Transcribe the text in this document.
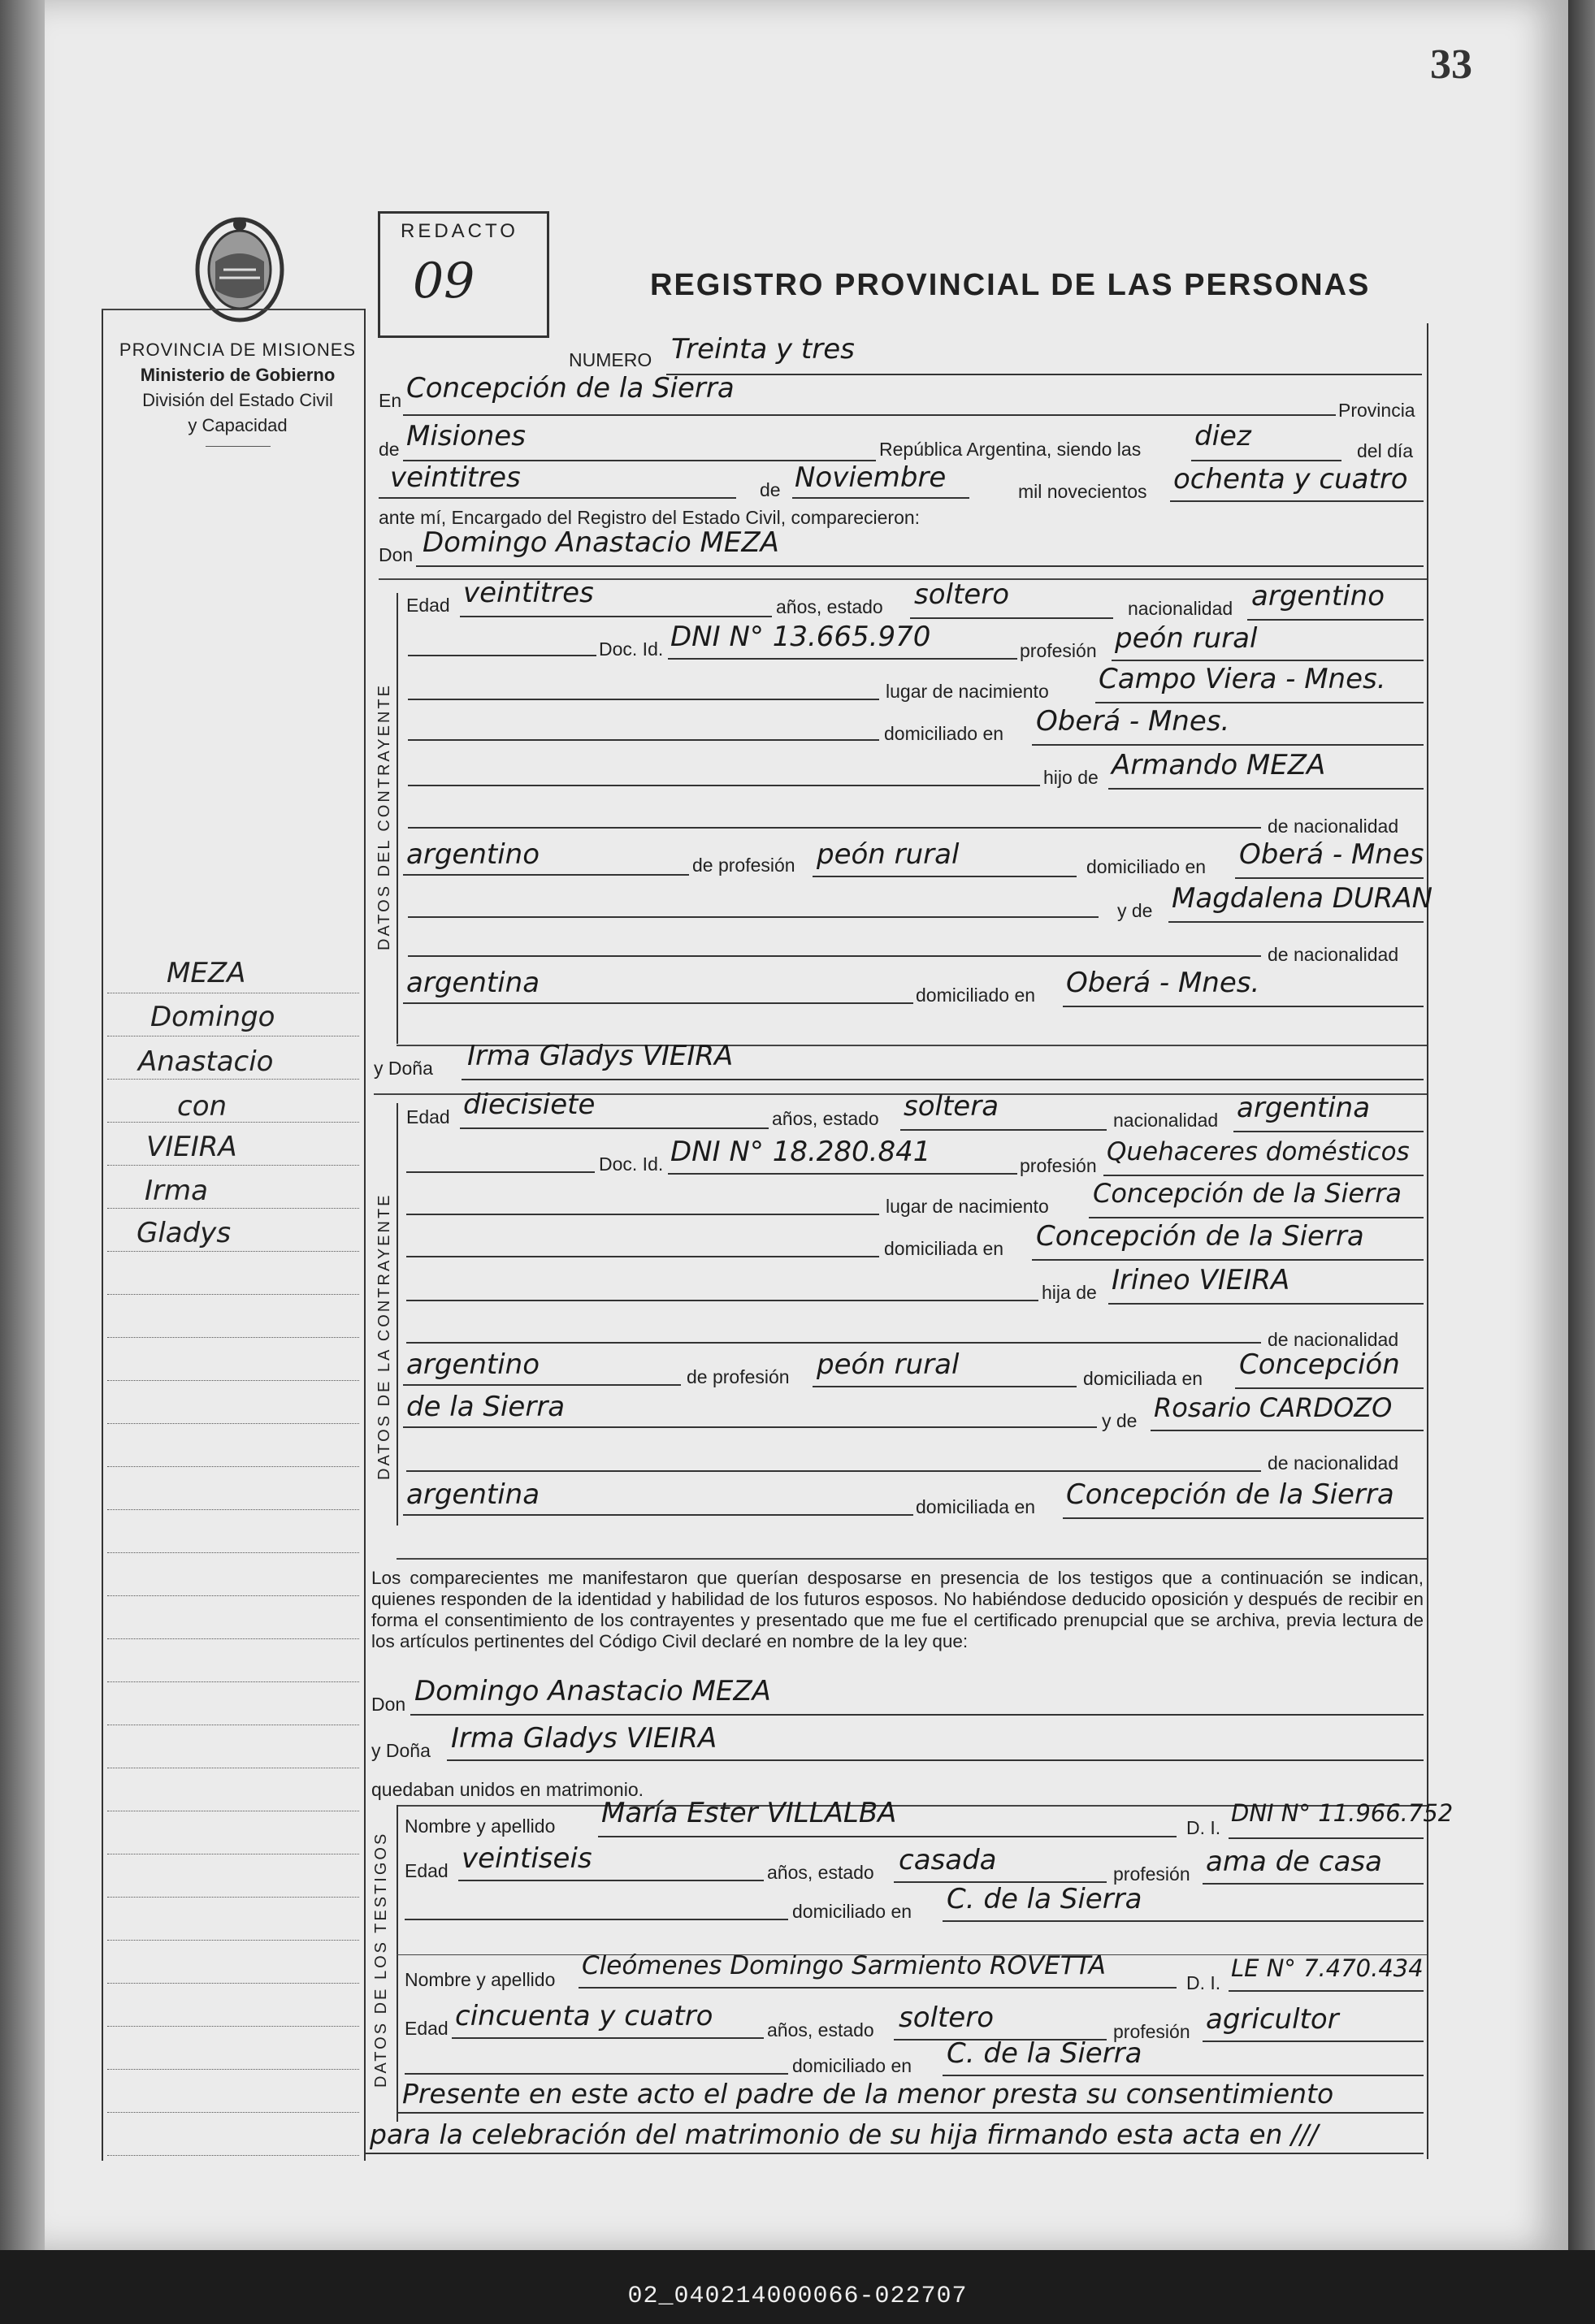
02_040214000066-022707
33
PROVINCIA DE MISIONES
Ministerio de Gobierno
División del Estado Civil
y Capacidad
REDACTO
09	REGISTRO PROVINCIAL DE LAS PERSONAS
MEZA
Domingo
Anastacio
con
VIEIRA
Irma
Gladys
NUMERO Treinta y tres
En Concepción de la Sierra
Provincia
de Misiones	República Argentina, siendo las diez	del día
veintitres	de Noviembre	mil novecientos ochenta y cuatro
ante mí, Encargado del Registro del Estado Civil, comparecieron:
Don Domingo Anastacio MEZA
DATOS DEL CONTRAYENTE
Edad veintitres	años, estado soltero	nacionalidad argentino
Doc. Id. DNI N° 13.665.970	profesión peón rural
lugar de nacimiento Campo Viera - Mnes.
domiciliado en Oberá - Mnes.
hijo de Armando MEZA
de nacionalidad
argentino	de profesión peón rural	domiciliado en Oberá - Mnes
y de Magdalena DURAN
de nacionalidad
argentina	domiciliado en Oberá - Mnes.
y Doña Irma Gladys VIEIRA
DATOS DE LA CONTRAYENTE
Edad diecisiete	años, estado soltera	nacionalidad argentina
Doc. Id. DNI N° 18.280.841	profesión Quehaceres domésticos
lugar de nacimiento Concepción de la Sierra
domiciliada en Concepción de la Sierra
hija de Irineo VIEIRA
de nacionalidad
argentino	de profesión peón rural	domiciliada en Concepción
de la Sierra	y de Rosario CARDOZO
de nacionalidad
argentina	domiciliada en Concepción de la Sierra
Los comparecientes me manifestaron que querían desposarse en presencia de los testigos que a continuación se indican, quienes responden de la identidad y habilidad de los futuros esposos. No habiéndose deducido oposición y después de recibir en forma el consentimiento de los contrayentes y presentado que me fue el certificado prenupcial que se archiva, previa lectura de los artículos pertinentes del Código Civil declaré en nombre de la ley que:
Don Domingo Anastacio MEZA
y Doña Irma Gladys VIEIRA
quedaban unidos en matrimonio.
DATOS DE LOS TESTIGOS
Nombre y apellido María Ester VILLALBA	D. I.
DNI N° 11.966.752
Edad veintiseis	años, estado casada	profesión ama de casa
domiciliado en C. de la Sierra
Nombre y apellido Cleómenes Domingo Sarmiento ROVETTA
D. I.
LE N° 7.470.434
Edad cincuenta y cuatro	años, estado soltero	profesión agricultor
domiciliado en C. de la Sierra
Presente en este acto el padre de la menor presta su consentimiento
para la celebración del matrimonio de su hija firmando esta acta en ///
